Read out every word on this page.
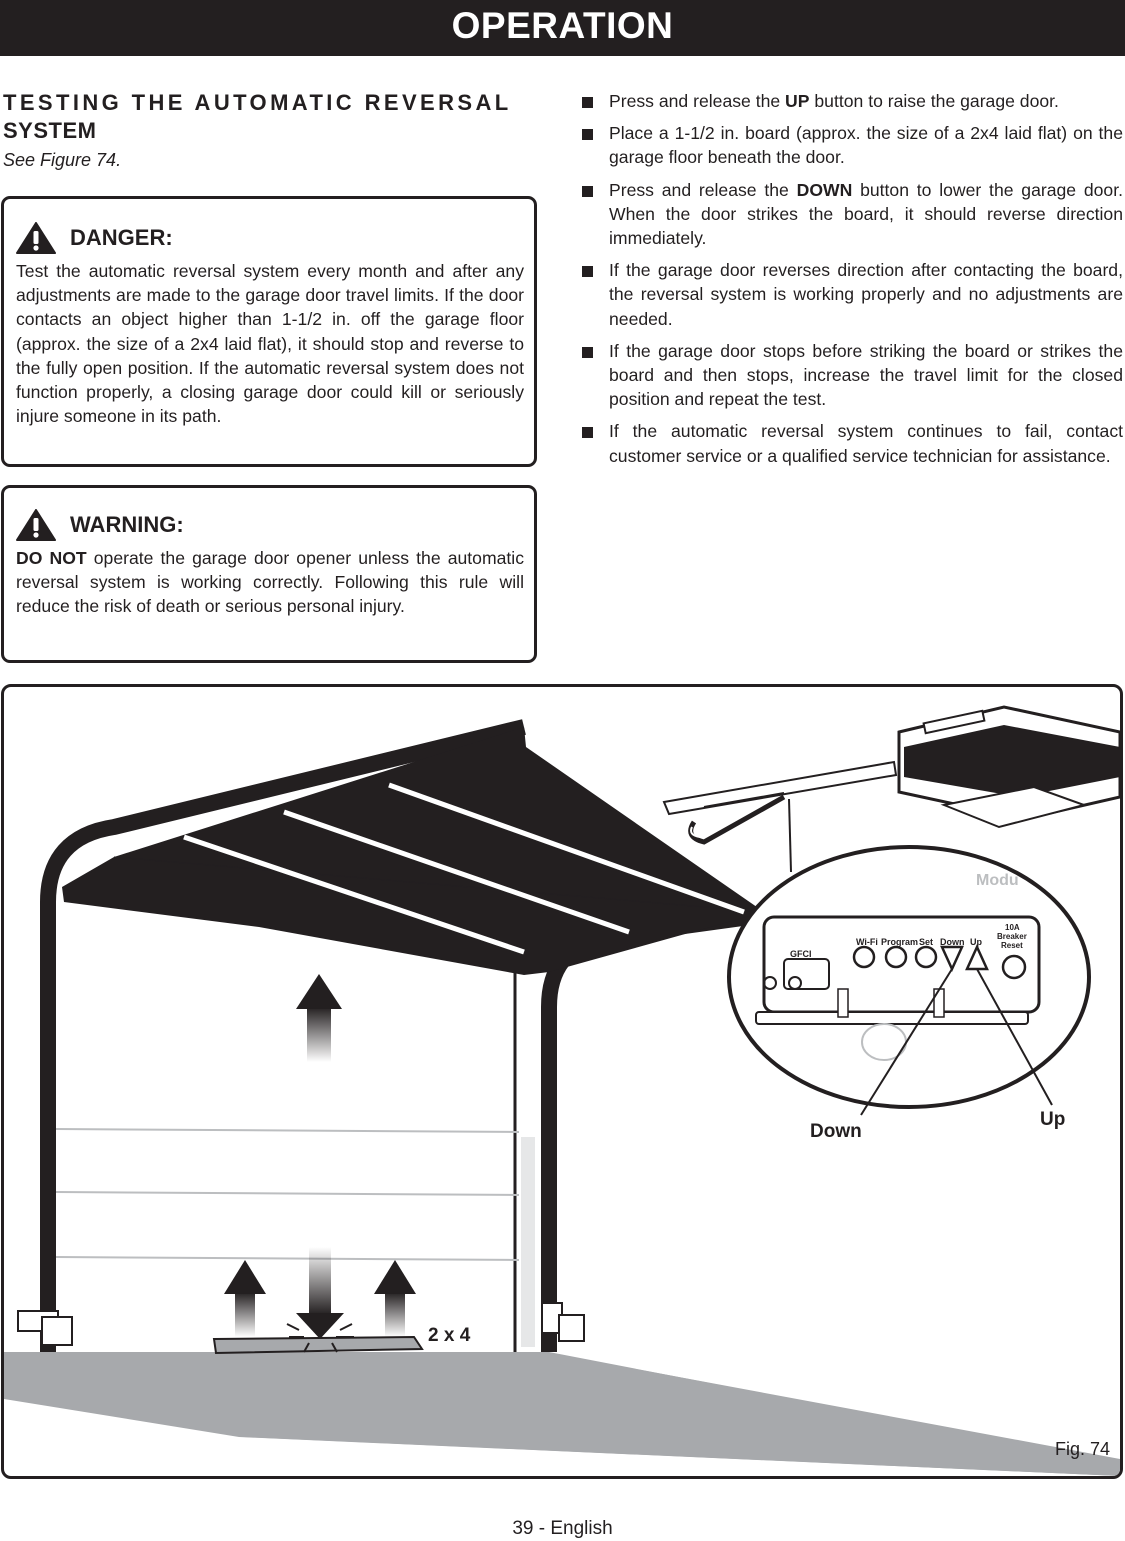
OPERATION
TESTING THE AUTOMATIC REVERSAL
SYSTEM
See Figure 74.
DANGER:
Test the automatic reversal system every month and after any adjustments are made to the garage door travel limits. If the door contacts an object higher than 1-1/2 in. off the garage floor (approx. the size of a 2x4 laid flat), it should stop and reverse to the fully open position. If the automatic reversal system does not function properly, a closing garage door could kill or seriously injure someone in its path.
WARNING:
DO NOT operate the garage door opener unless the automatic reversal system is working correctly. Following this rule will reduce the risk of death or serious personal injury.
Press and release the UP button to raise the garage door.
Place a 1-1/2 in. board (approx. the size of a 2x4 laid flat) on the garage floor beneath the door.
Press and release the DOWN button to lower the garage door. When the door strikes the board, it should reverse direction immediately.
If the garage door reverses direction after contacting the board, the reversal system is working properly and no adjustments are needed.
If the garage door stops before striking the board or strikes the board and then stops, increase the travel limit for the closed position and repeat the test.
If the automatic reversal system continues to fail, contact customer service or a qualified service technician for assistance.
Modu
Wi-Fi Program Set Down Up
10A
Breaker
Reset
GFCI
2 x 4
Down
Up
Fig. 74
39 - English
